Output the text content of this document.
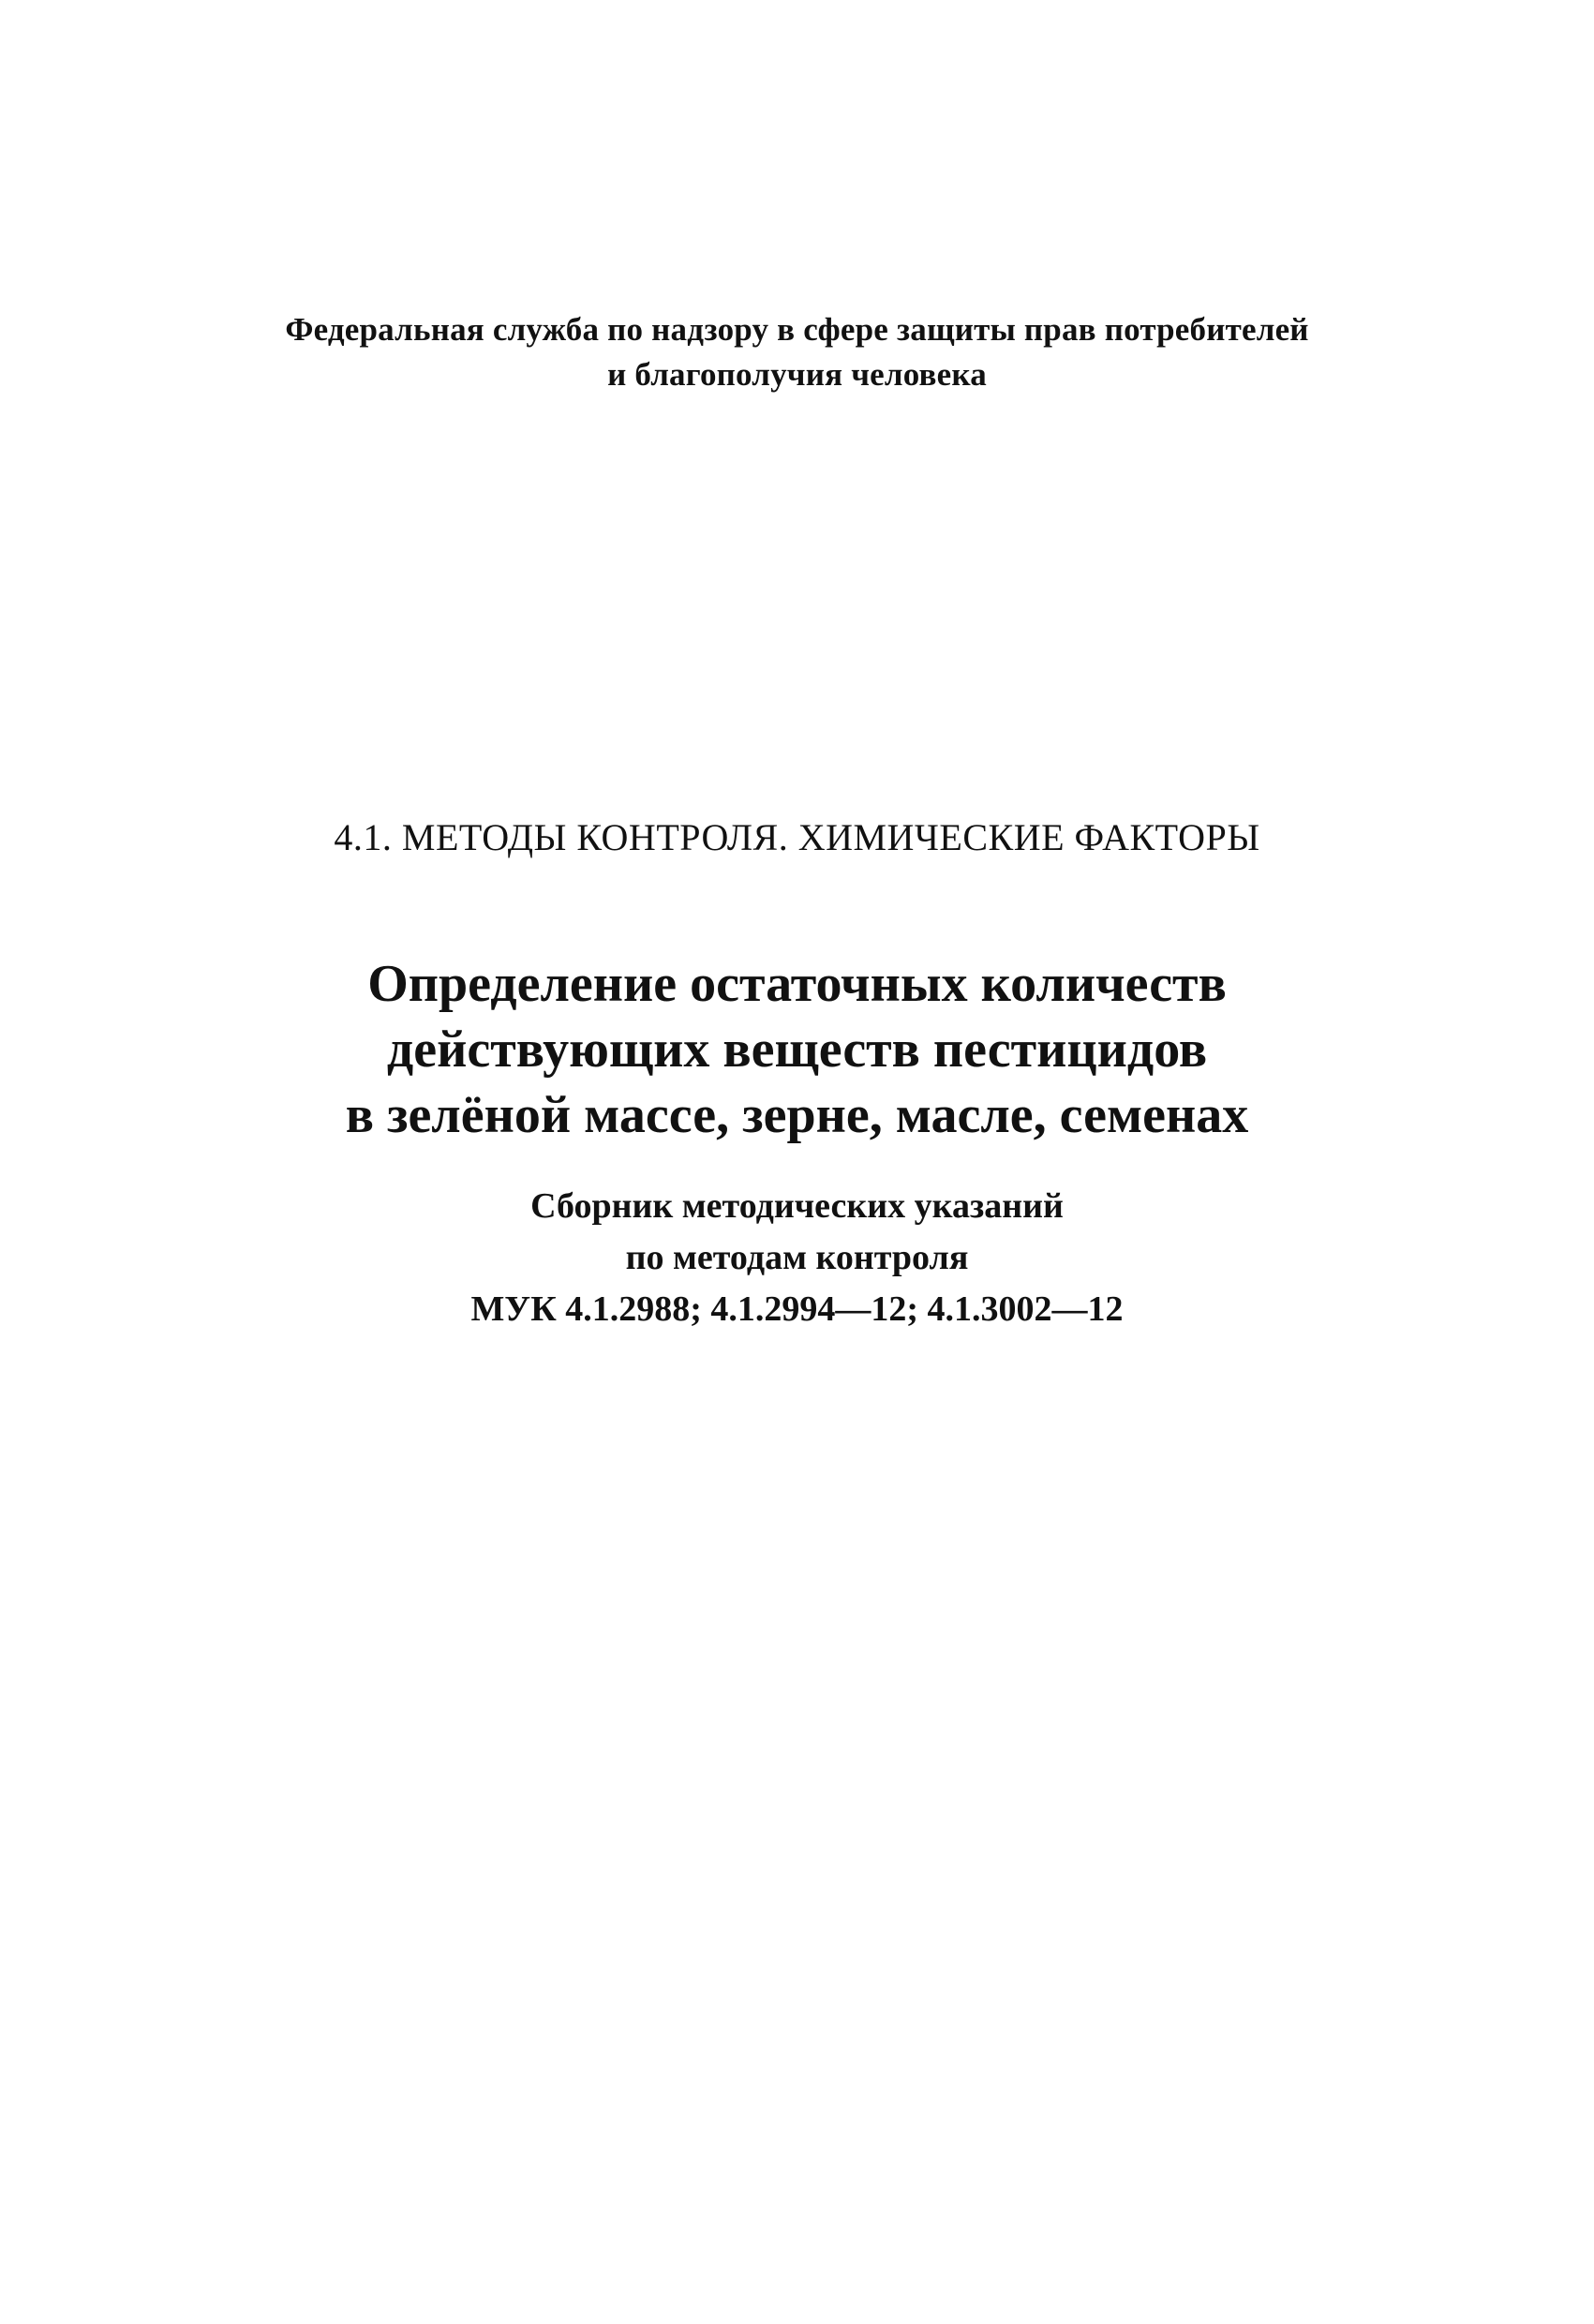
Федеральная служба по надзору в сфере защиты прав потребителей

и благополучия человека

4.1. МЕТОДЫ КОНТРОЛЯ. ХИМИЧЕСКИЕ ФАКТОРЫ

Определение остаточных количеств

действующих веществ пестицидов

в зелёной массе, зерне, масле, семенах

Сборник методических указаний

по методам контроля

МУК 4.1.2988; 4.1.2994—12; 4.1.3002—12
